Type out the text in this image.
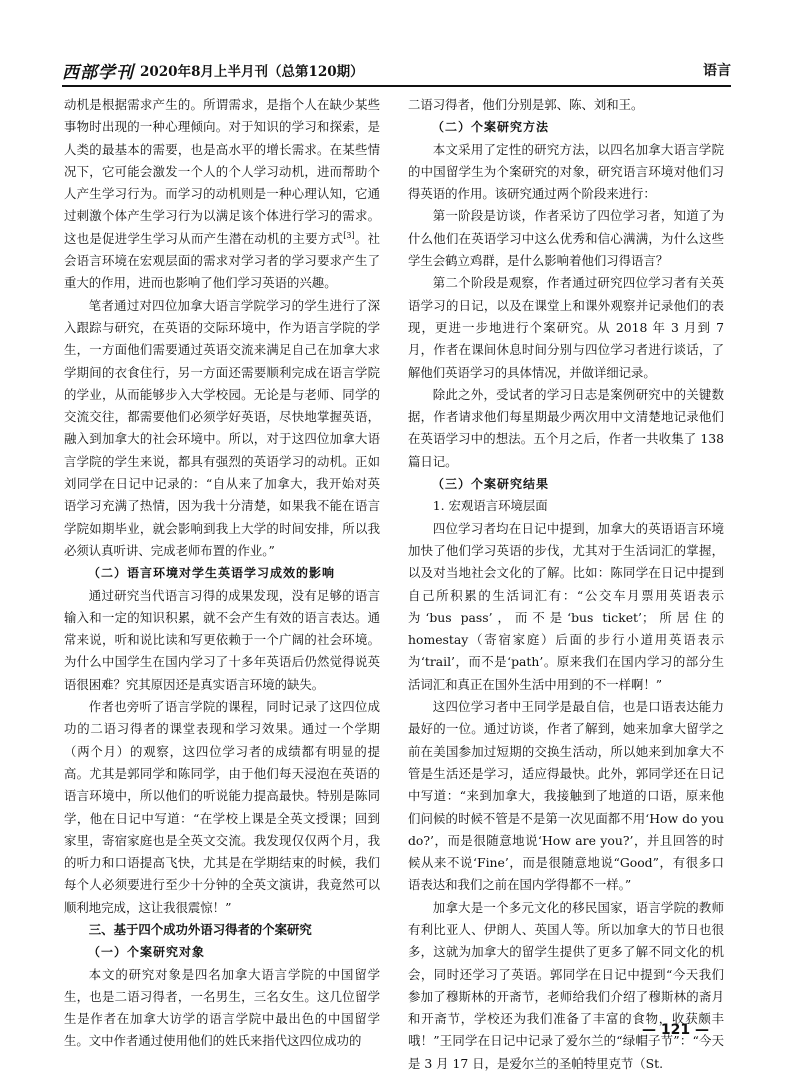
西部学刊 2020年8月上半月刊（总第120期）	语言

动机是根据需求产生的。所谓需求，是指个人在缺少某些事物时出现的一种心理倾向。对于知识的学习和探索，是人类的最基本的需要，也是高水平的增长需求。在某些情况下，它可能会激发一个人的个人学习动机，进而帮助个人产生学习行为。而学习的动机则是一种心理认知，它通过刺激个体产生学习行为以满足该个体进行学习的需求。这也是促进学生学习从而产生潜在动机的主要方式[3]。社会语言环境在宏观层面的需求对学习者的学习要求产生了重大的作用，进而也影响了他们学习英语的兴趣。

笔者通过对四位加拿大语言学院学习的学生进行了深入跟踪与研究，在英语的交际环境中，作为语言学院的学生，一方面他们需要通过英语交流来满足自己在加拿大求学期间的衣食住行，另一方面还需要顺利完成在语言学院的学业，从而能够步入大学校园。无论是与老师、同学的交流交往，都需要他们必须学好英语，尽快地掌握英语，融入到加拿大的社会环境中。所以，对于这四位加拿大语言学院的学生来说，都具有强烈的英语学习的动机。正如刘同学在日记中记录的：“自从来了加拿大，我开始对英语学习充满了热情，因为我十分清楚，如果我不能在语言学院如期毕业，就会影响到我上大学的时间安排，所以我必须认真听讲、完成老师布置的作业。”

（二）语言环境对学生英语学习成效的影响

通过研究当代语言习得的成果发现，没有足够的语言输入和一定的知识积累，就不会产生有效的语言表达。通常来说，听和说比读和写更依赖于一个广阔的社会环境。为什么中国学生在国内学习了十多年英语后仍然觉得说英语很困难？究其原因还是真实语言环境的缺失。

作者也旁听了语言学院的课程，同时记录了这四位成功的二语习得者的课堂表现和学习效果。通过一个学期（两个月）的观察，这四位学习者的成绩都有明显的提高。尤其是郭同学和陈同学，由于他们每天浸泡在英语的语言环境中，所以他们的听说能力提高最快。特别是陈同学，他在日记中写道：“在学校上课是全英文授课；回到家里，寄宿家庭也是全英文交流。我发现仅仅两个月，我的听力和口语提高飞快，尤其是在学期结束的时候，我们每个人必须要进行至少十分钟的全英文演讲，我竟然可以顺利地完成，这让我很震惊！”

三、基于四个成功外语习得者的个案研究
（一）个案研究对象

本文的研究对象是四名加拿大语言学院的中国留学生，也是二语习得者，一名男生，三名女生。这几位留学生是作者在加拿大访学的语言学院中最出色的中国留学生。文中作者通过使用他们的姓氏来指代这四位成功的

二语习得者，他们分别是郭、陈、刘和王。

（二）个案研究方法

本文采用了定性的研究方法，以四名加拿大语言学院的中国留学生为个案研究的对象，研究语言环境对他们习得英语的作用。该研究通过两个阶段来进行：

第一阶段是访谈，作者采访了四位学习者，知道了为什么他们在英语学习中这么优秀和信心满满，为什么这些学生会鹤立鸡群，是什么影响着他们习得语言？

第二个阶段是观察，作者通过研究四位学习者有关英语学习的日记，以及在课堂上和课外观察并记录他们的表现，更进一步地进行个案研究。从 2018 年 3 月到 7 月，作者在课间休息时间分别与四位学习者进行谈话，了解他们英语学习的具体情况，并做详细记录。

除此之外，受试者的学习日志是案例研究中的关键数据，作者请求他们每星期最少两次用中文清楚地记录他们在英语学习中的想法。五个月之后，作者一共收集了 138 篇日记。

（三）个案研究结果
1. 宏观语言环境层面

四位学习者均在日记中提到，加拿大的英语语言环境加快了他们学习英语的步伐，尤其对于生活词汇的掌握，以及对当地社会文化的了解。比如：陈同学在日记中提到自己所积累的生活词汇有：“公交车月票用英语表示为‘bus pass’，而不是‘bus ticket’；所居住的 homestay（寄宿家庭）后面的步行小道用英语表示为‘trail’，而不是‘path’。原来我们在国内学习的部分生活词汇和真正在国外生活中用到的不一样啊！”

这四位学习者中王同学是最自信，也是口语表达能力最好的一位。通过访谈，作者了解到，她来加拿大留学之前在美国参加过短期的交换生活动，所以她来到加拿大不管是生活还是学习，适应得最快。此外，郭同学还在日记中写道：“来到加拿大，我接触到了地道的口语，原来他们问候的时候不管是不是第一次见面都不用‘How do you do?’，而是很随意地说‘How are you?’，并且回答的时候从来不说‘Fine’，而是很随意地说“Good”，有很多口语表达和我们之前在国内学得都不一样。”

加拿大是一个多元文化的移民国家，语言学院的教师有利比亚人、伊朗人、英国人等。所以加拿大的节日也很多，这就为加拿大的留学生提供了更多了解不同文化的机会，同时还学习了英语。郭同学在日记中提到“今天我们参加了穆斯林的开斋节，老师给我们介绍了穆斯林的斋月和开斋节，学校还为我们准备了丰富的食物，收获颇丰哦！”王同学在日记中记录了爱尔兰的“绿帽子节”：“今天是 3 月 17 日，是爱尔兰的圣帕特里克节（St.

— 121 —
